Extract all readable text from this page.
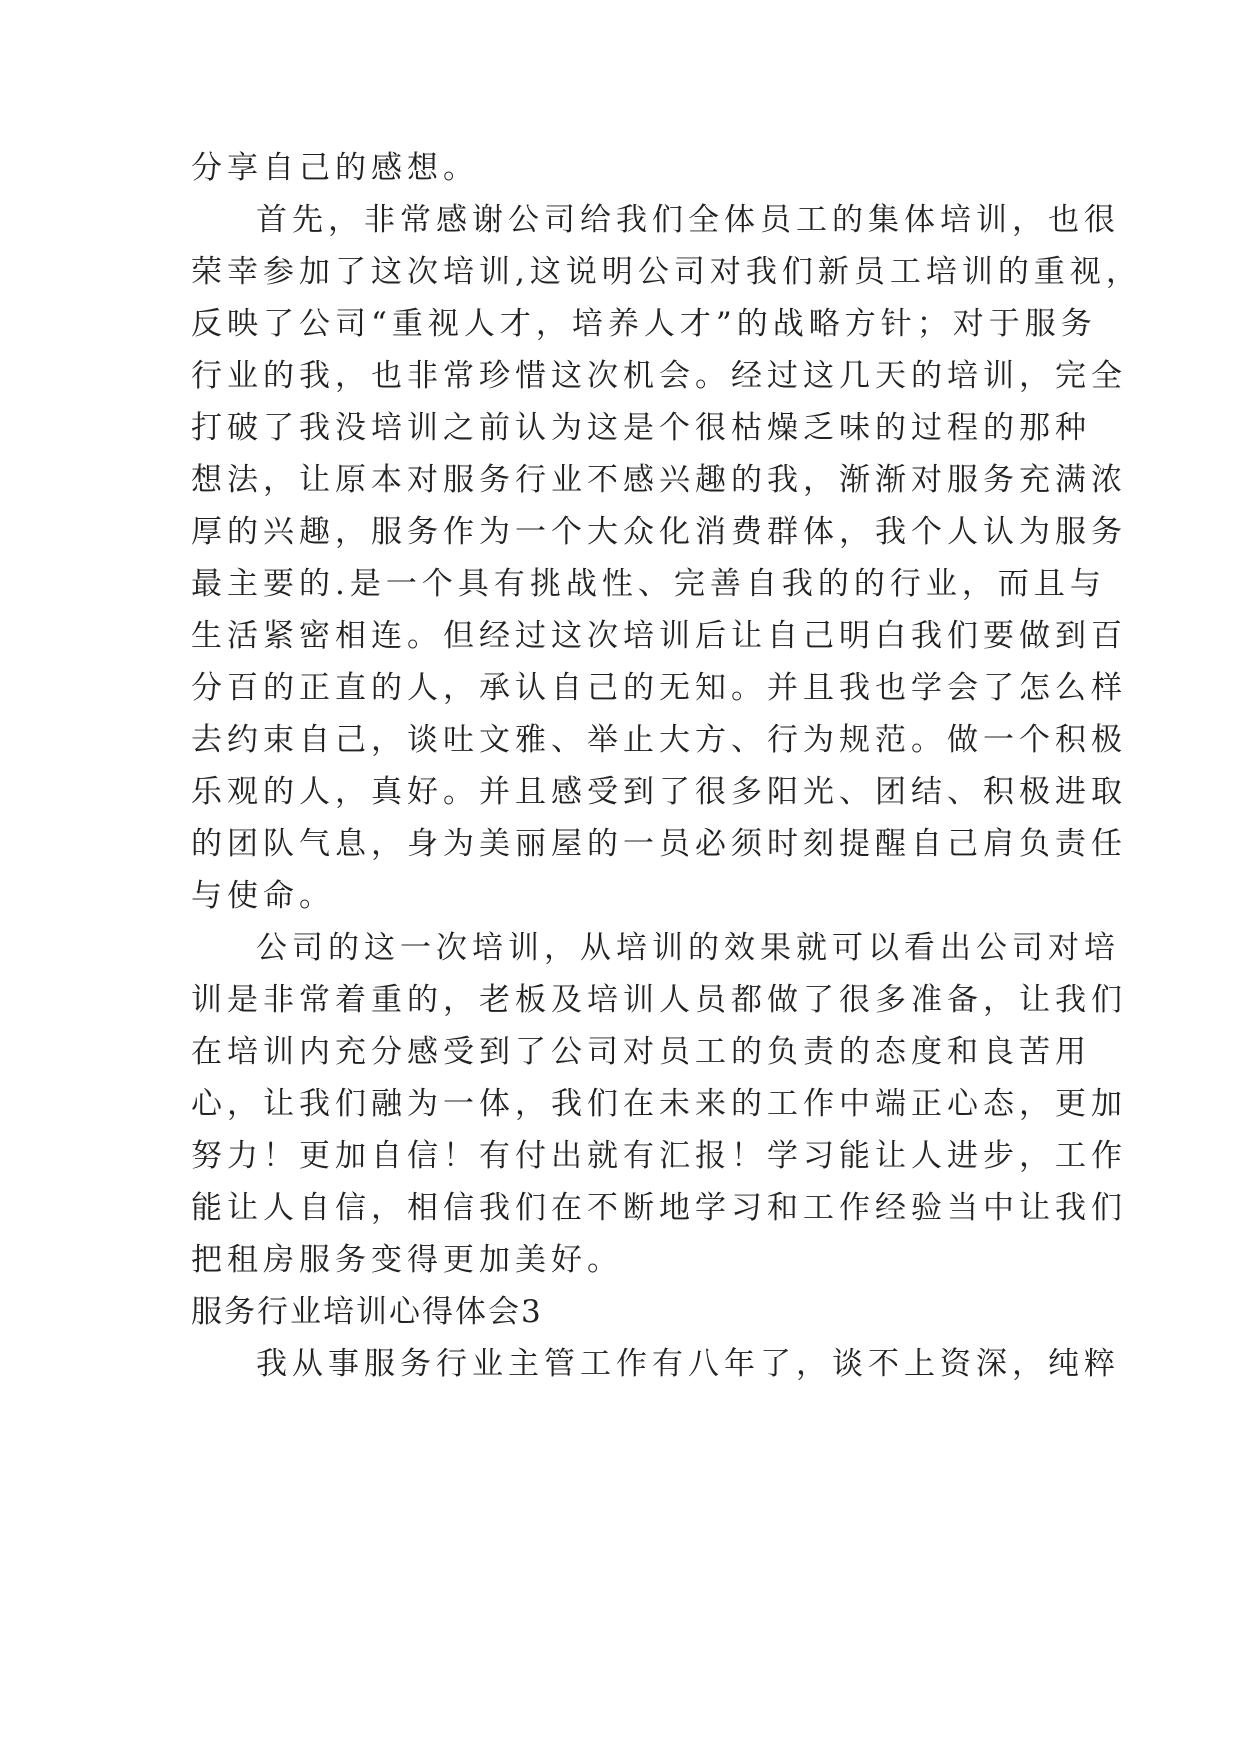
分享自己的感想。
首先，非常感谢公司给我们全体员工的集体培训，也很
荣幸参加了这次培训,这说明公司对我们新员工培训的重视，
反映了公司“重视人才，培养人才”的战略方针；对于服务
行业的我，也非常珍惜这次机会。经过这几天的培训，完全
打破了我没培训之前认为这是个很枯燥乏味的过程的那种
想法，让原本对服务行业不感兴趣的我，渐渐对服务充满浓
厚的兴趣，服务作为一个大众化消费群体，我个人认为服务
最主要的.是一个具有挑战性、完善自我的的行业，而且与
生活紧密相连。但经过这次培训后让自己明白我们要做到百
分百的正直的人，承认自己的无知。并且我也学会了怎么样
去约束自己，谈吐文雅、举止大方、行为规范。做一个积极
乐观的人，真好。并且感受到了很多阳光、团结、积极进取
的团队气息，身为美丽屋的一员必须时刻提醒自己肩负责任
与使命。
公司的这一次培训，从培训的效果就可以看出公司对培
训是非常着重的，老板及培训人员都做了很多准备，让我们
在培训内充分感受到了公司对员工的负责的态度和良苦用
心，让我们融为一体，我们在未来的工作中端正心态，更加
努力！更加自信！有付出就有汇报！学习能让人进步，工作
能让人自信，相信我们在不断地学习和工作经验当中让我们
把租房服务变得更加美好。
服务行业培训心得体会3
我从事服务行业主管工作有八年了，谈不上资深，纯粹
